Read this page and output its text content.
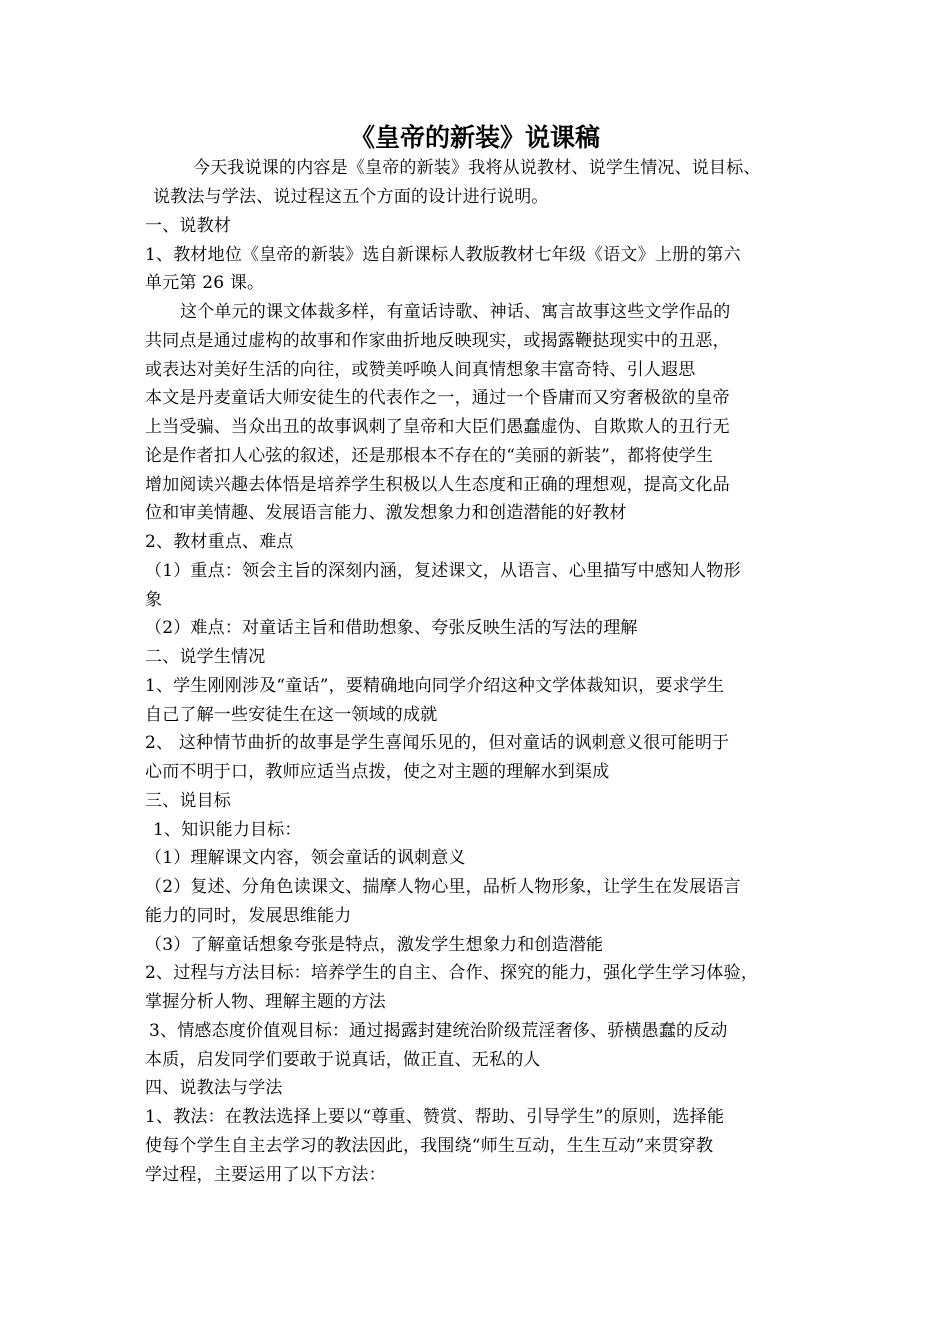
《皇帝的新装》说课稿
今天我说课的内容是《皇帝的新装》我将从说教材、说学生情况、说目标、
说教法与学法、说过程这五个方面的设计进行说明。
一、说教材
1、教材地位《皇帝的新装》选自新课标人教版教材七年级《语文》上册的第六
单元第 26 课。
这个单元的课文体裁多样，有童话诗歌、神话、寓言故事这些文学作品的
共同点是通过虚构的故事和作家曲折地反映现实，或揭露鞭挞现实中的丑恶，
或表达对美好生活的向往，或赞美呼唤人间真情想象丰富奇特、引人遐思
本文是丹麦童话大师安徒生的代表作之一，通过一个昏庸而又穷奢极欲的皇帝
上当受骗、当众出丑的故事讽刺了皇帝和大臣们愚蠢虚伪、自欺欺人的丑行无
论是作者扣人心弦的叙述，还是那根本不存在的“美丽的新装”，都将使学生
增加阅读兴趣去体悟是培养学生积极以人生态度和正确的理想观，提高文化品
位和审美情趣、发展语言能力、激发想象力和创造潜能的好教材
2、教材重点、难点
（1）重点：领会主旨的深刻内涵，复述课文，从语言、心里描写中感知人物形
象
（2）难点：对童话主旨和借助想象、夸张反映生活的写法的理解
二、说学生情况
1、学生刚刚涉及“童话”，要精确地向同学介绍这种文学体裁知识，要求学生
自己了解一些安徒生在这一领域的成就
2、 这种情节曲折的故事是学生喜闻乐见的，但对童话的讽刺意义很可能明于
心而不明于口，教师应适当点拨，使之对主题的理解水到渠成
三、说目标
1、知识能力目标：
（1）理解课文内容，领会童话的讽刺意义
（2）复述、分角色读课文、揣摩人物心里，品析人物形象，让学生在发展语言
能力的同时，发展思维能力
（3）了解童话想象夸张是特点，激发学生想象力和创造潜能
2、过程与方法目标：培养学生的自主、合作、探究的能力，强化学生学习体验，
掌握分析人物、理解主题的方法
3、情感态度价值观目标：通过揭露封建统治阶级荒淫奢侈、骄横愚蠢的反动
本质，启发同学们要敢于说真话，做正直、无私的人
四、说教法与学法
1、教法：在教法选择上要以“尊重、赞赏、帮助、引导学生”的原则，选择能
使每个学生自主去学习的教法因此，我围绕“师生互动，生生互动”来贯穿教
学过程，主要运用了以下方法：
